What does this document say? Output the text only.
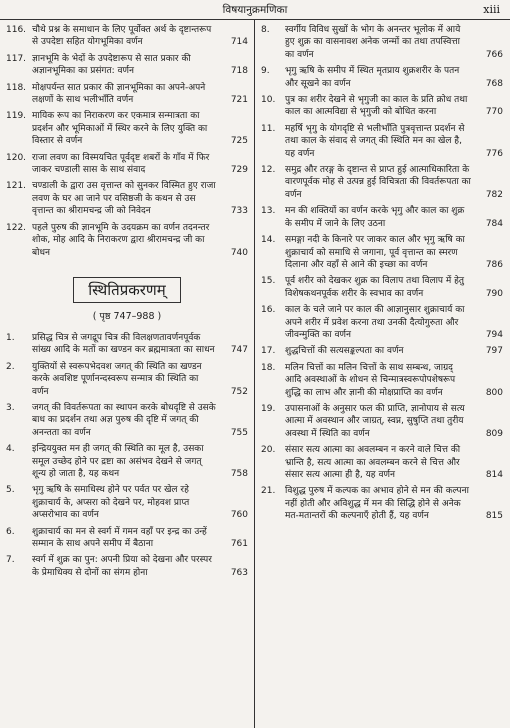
विषयानुक्रमणिका	xiii
116. चौथे प्रश्न के समाधान के लिए पूर्वोक्त अर्थ के दृष्टान्तरूप से उपदेष्टा सहित योगभूमिका वर्णन	714
117. ज्ञानभूमि के भेदों के उपदेष्टारूप से सात प्रकार की अज्ञानभूमिका का प्रसंगत: वर्णन	718
118. मोक्षपर्यन्त सात प्रकार की ज्ञानभूमिका का अपने-अपने लक्षणों के साथ भलीभाँति वर्णन	721
119. मायिक रूप का निराकरण कर एकमात्र सन्मात्रता का प्रदर्शन और भूमिकाओं में स्थिर करने के लिए युक्ति का विस्तार से वर्णन	725
120. राजा लवण का विस्मयचित पूर्वदृष्ट शबरों के गाँव में फिर जाकर चण्डाली सास के साथ संवाद	729
121. चण्डाली के द्वारा उस वृत्तान्त को सुनकर विस्मित हुए राजा लवण के घर आ जाने पर वसिष्ठजी के कथन से उस वृत्तान्त का श्रीरामचन्द्र जी को निवेदन	733
122. पहले पुरुष की ज्ञानभूमि के उदयक्रम का वर्णन तदनन्तर शोक, मोह आदि के निराकरण द्वारा श्रीरामचन्द्र जी का बोधन	740
स्थितिप्रकरणम्
( पृष्ठ 747–988 )
1. प्रसिद्ध चित्र से जगद्रूप चित्र की विलक्षणतावर्णनपूर्वक सांख्य आदि के मतों का खण्डन कर ब्रह्ममात्रता का साधन	747
2. युक्तियों से स्वरूपभेदवश जगत् की स्थिति का खण्डन करके अवशिष्ट पूर्णानन्दस्वरूप सन्मात्र की स्थिति का वर्णन	752
3. जगत् की विवर्तरूपता का स्थापन करके बोधदृष्टि से उसके बाध का प्रदर्शन तथा अज्ञ पुरुष की दृष्टि में जगत् की अनन्तता का वर्णन	755
4. इन्द्रिययुक्त मन ही जगत् की स्थिति का मूल है, उसका समूल उच्छेद होने पर द्रष्टा का असंभव देखने से जगत् शून्य हो जाता है, यह कथन	758
5. भृगु ऋषि के समाधिस्थ होने पर पर्वत पर खेल रहे शुक्राचार्य के, अप्सरा को देखने पर, मोहवश प्राप्त अप्सरोभाव का वर्णन	760
6. शुक्राचार्य का मन से स्वर्ग में गमन वहाँ पर इन्द्र का उन्हें सम्मान के साथ अपने समीप में बैठाना	761
7. स्वर्ग में शुक्र का पुन: अपनी प्रिया को देखना और परस्पर के प्रेमाधिक्य से दोनों का संगम होना	763
8. स्वर्गीय विविध सुखों के भोग के अनन्तर भूलोक में आये हुए शुक्र का वासनावश अनेक जन्मों का तथा तपस्वित्ता का वर्णन	766
9. भृगु ऋषि के समीप में स्थित मृतप्राय शुक्रशरीर के पतन और सूखने का वर्णन	768
10. पुत्र का शरीर देखने से भृगुजी का काल के प्रति क्रोध तथा काल का आत्मविद्या से भृगुजी को बोधित करना	770
11. महर्षि भृगु के योगदृष्टि से भलीभाँति पुत्रवृत्तान्त प्रदर्शन से तथा काल के संवाद से जगत् की स्थिति मन का खेल है, यह वर्णन	776
12. समुद्र और तरङ्ग के दृष्टान्त से प्राप्त हुई आत्माधिकारिता के वारणपूर्वक मोह से उत्पन्न हुई विचित्रता की विवर्तरूपता का वर्णन	782
13. मन की शक्तियों का वर्णन करके भृगु और काल का शुक्र के समीप में जाने के लिए उठना	784
14. समङ्गा नदी के किनारे पर जाकर काल और भृगु ऋषि का शुक्राचार्य को समाधि से जगाना, पूर्व वृत्तान्त का स्मरण दिलाना और वहाँ से आने की इच्छा का वर्णन	786
15. पूर्व शरीर को देखकर शुक्र का विलाप तथा विलाप में हेतु विशेषकथनपूर्वक शरीर के स्वभाव का वर्णन	790
16. काल के चले जाने पर काल की आज्ञानुसार शुक्राचार्य का अपने शरीर में प्रवेश करना तथा उनकी दैत्योगुरुता और जीवन्मुक्ति का वर्णन	794
17. शुद्धचित्तों की सत्यसङ्कल्पता का वर्णन	797
18. मलिन चित्तों का मलिन चित्तों के साथ सम्बन्ध, जाग्रद् आदि अवस्थाओं के शोधन से चिन्मात्रस्वरूपोपशेषरूप शुद्धि का लाभ और ज्ञानी की मोक्षप्राप्ति का वर्णन	800
19. उपासनाओं के अनुसार फल की प्राप्ति, ज्ञानोपाय से सत्य आत्मा में अवस्थान और जाग्रत्, स्वप्न, सुषुप्ति तथा तुरीय अवस्था में स्थिति का वर्णन	809
20. संसार सत्य आत्मा का अवलम्बन न करने वाले चित्त की भ्रान्ति है, सत्य आत्मा का अवलम्बन करने से चित्त और संसार सत्य आत्मा ही है, यह वर्णन	814
21. विशुद्ध पुरुष में कल्पक का अभाव होने से मन की कल्पना नहीं होती और अविशुद्ध में मन की सिद्धि होने से अनेक मत-मतान्तरों की कल्पनाएँ होती हैं, यह वर्णन	815
